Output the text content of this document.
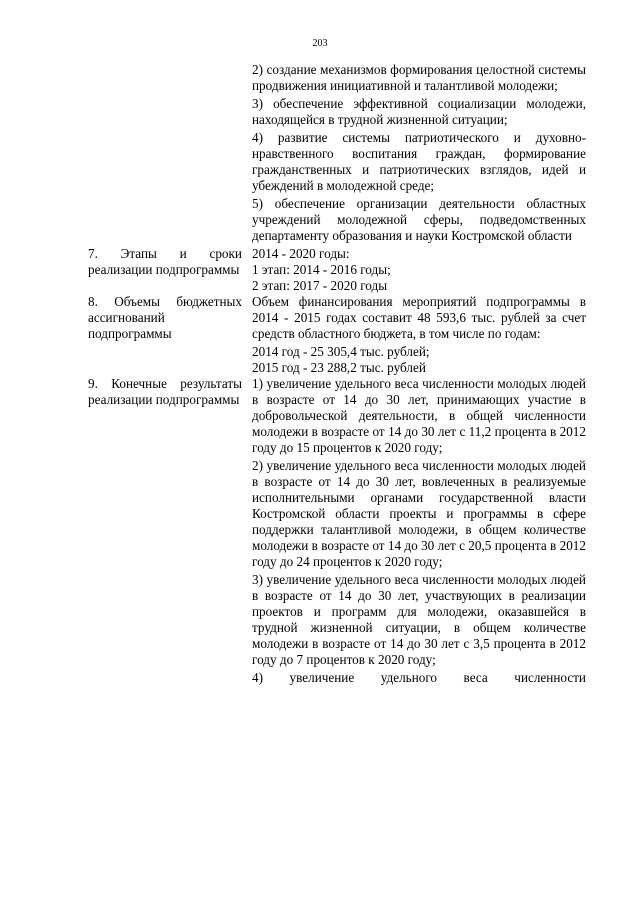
203

2) создание механизмов формирования целостной системы продвижения инициативной и талантливой молодежи;

3) обеспечение эффективной социализации молодежи, находящейся в трудной жизненной ситуации;

4) развитие системы патриотического и духовно-нравственного воспитания граждан, формирование гражданственных и патриотических взглядов, идей и убеждений в молодежной среде;

5) обеспечение организации деятельности областных учреждений молодежной сферы, подведомственных департаменту образования и науки Костромской области

7. Этапы и сроки реализации подпрограммы

2014 - 2020 годы:

1 этап: 2014 - 2016 годы;

2 этап: 2017 - 2020 годы

8. Объемы бюджетных ассигнований подпрограммы

Объем финансирования мероприятий подпрограммы в 2014 - 2015 годах составит 48 593,6 тыс. рублей за счет средств областного бюджета, в том числе по годам:

2014 год - 25 305,4 тыс. рублей;

2015 год - 23 288,2 тыс. рублей

9. Конечные результаты реализации подпрограммы

1) увеличение удельного веса численности молодых людей в возрасте от 14 до 30 лет, принимающих участие в добровольческой деятельности, в общей численности молодежи в возрасте от 14 до 30 лет с 11,2 процента в 2012 году до 15 процентов к 2020 году;

2) увеличение удельного веса численности молодых людей в возрасте от 14 до 30 лет, вовлеченных в реализуемые исполнительными органами государственной власти Костромской области проекты и программы в сфере поддержки талантливой молодежи, в общем количестве молодежи в возрасте от 14 до 30 лет с 20,5 процента в 2012 году до 24 процентов к 2020 году;

3) увеличение удельного веса численности молодых людей в возрасте от 14 до 30 лет, участвующих в реализации проектов и программ для молодежи, оказавшейся в трудной жизненной ситуации, в общем количестве молодежи в возрасте от 14 до 30 лет с 3,5 процента в 2012 году до 7 процентов к 2020 году;

4) увеличение удельного веса численности
